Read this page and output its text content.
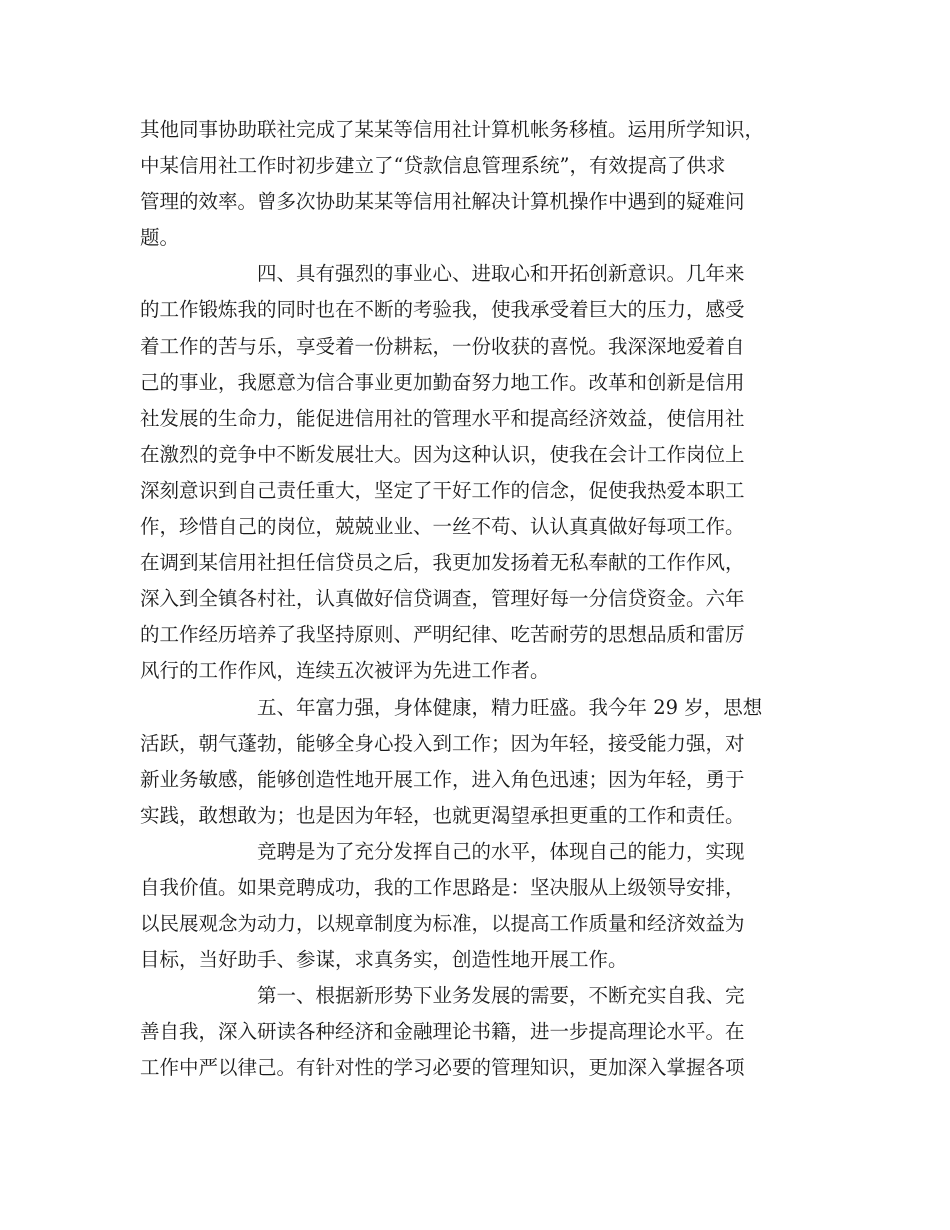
其他同事协助联社完成了某某等信用社计算机帐务移植。运用所学知识，
中某信用社工作时初步建立了“贷款信息管理系统”，有效提高了供求
管理的效率。曾多次协助某某等信用社解决计算机操作中遇到的疑难问
题。
四、具有强烈的事业心、进取心和开拓创新意识。几年来
的工作锻炼我的同时也在不断的考验我，使我承受着巨大的压力，感受
着工作的苦与乐，享受着一份耕耘，一份收获的喜悦。我深深地爱着自
己的事业，我愿意为信合事业更加勤奋努力地工作。改革和创新是信用
社发展的生命力，能促进信用社的管理水平和提高经济效益，使信用社
在激烈的竞争中不断发展壮大。因为这种认识，使我在会计工作岗位上
深刻意识到自己责任重大，坚定了干好工作的信念，促使我热爱本职工
作，珍惜自己的岗位，兢兢业业、一丝不苟、认认真真做好每项工作。
在调到某信用社担任信贷员之后，我更加发扬着无私奉献的工作作风，
深入到全镇各村社，认真做好信贷调查，管理好每一分信贷资金。六年
的工作经历培养了我坚持原则、严明纪律、吃苦耐劳的思想品质和雷厉
风行的工作作风，连续五次被评为先进工作者。
五、年富力强，身体健康，精力旺盛。我今年 29 岁，思想
活跃，朝气蓬勃，能够全身心投入到工作；因为年轻，接受能力强，对
新业务敏感，能够创造性地开展工作，进入角色迅速；因为年轻，勇于
实践，敢想敢为；也是因为年轻，也就更渴望承担更重的工作和责任。
竞聘是为了充分发挥自己的水平，体现自己的能力，实现
自我价值。如果竞聘成功，我的工作思路是：坚决服从上级领导安排，
以民展观念为动力，以规章制度为标准，以提高工作质量和经济效益为
目标，当好助手、参谋，求真务实，创造性地开展工作。
第一、根据新形势下业务发展的需要，不断充实自我、完
善自我，深入研读各种经济和金融理论书籍，进一步提高理论水平。在
工作中严以律己。有针对性的学习必要的管理知识，更加深入掌握各项
